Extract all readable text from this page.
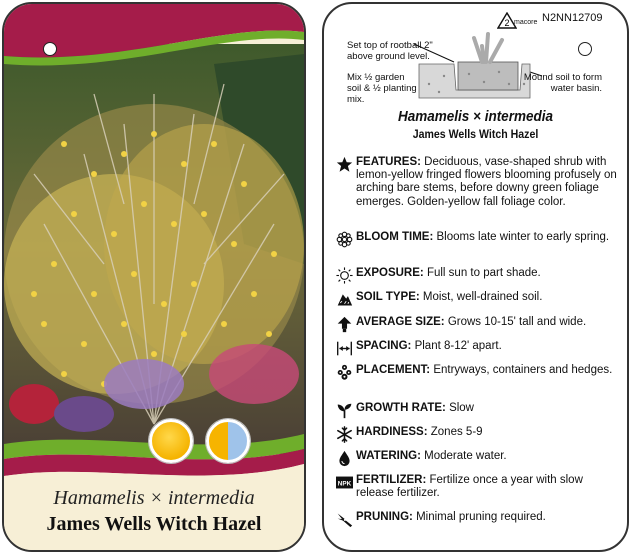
Hamamelis × intermedia
James Wells Witch Hazel
2 macore N2NN12709
Set top of rootball 2" above ground level.
Mix ½ garden soil & ½ planting mix.
Mound soil to form water basin.
Hamamelis × intermedia
James Wells Witch Hazel
FEATURES: Deciduous, vase-shaped shrub with lemon-yellow fringed flowers blooming profusely on arching bare stems, before downy green foliage emerges. Golden-yellow fall foliage color.
BLOOM TIME: Blooms late winter to early spring.
EXPOSURE: Full sun to part shade.
SOIL TYPE: Moist, well-drained soil.
AVERAGE SIZE: Grows 10-15' tall and wide.
SPACING: Plant 8-12' apart.
PLACEMENT: Entryways, containers and hedges.
GROWTH RATE: Slow
HARDINESS: Zones 5-9
WATERING: Moderate water.
NPK FERTILIZER: Fertilize once a year with slow release fertilizer.
PRUNING: Minimal pruning required.
